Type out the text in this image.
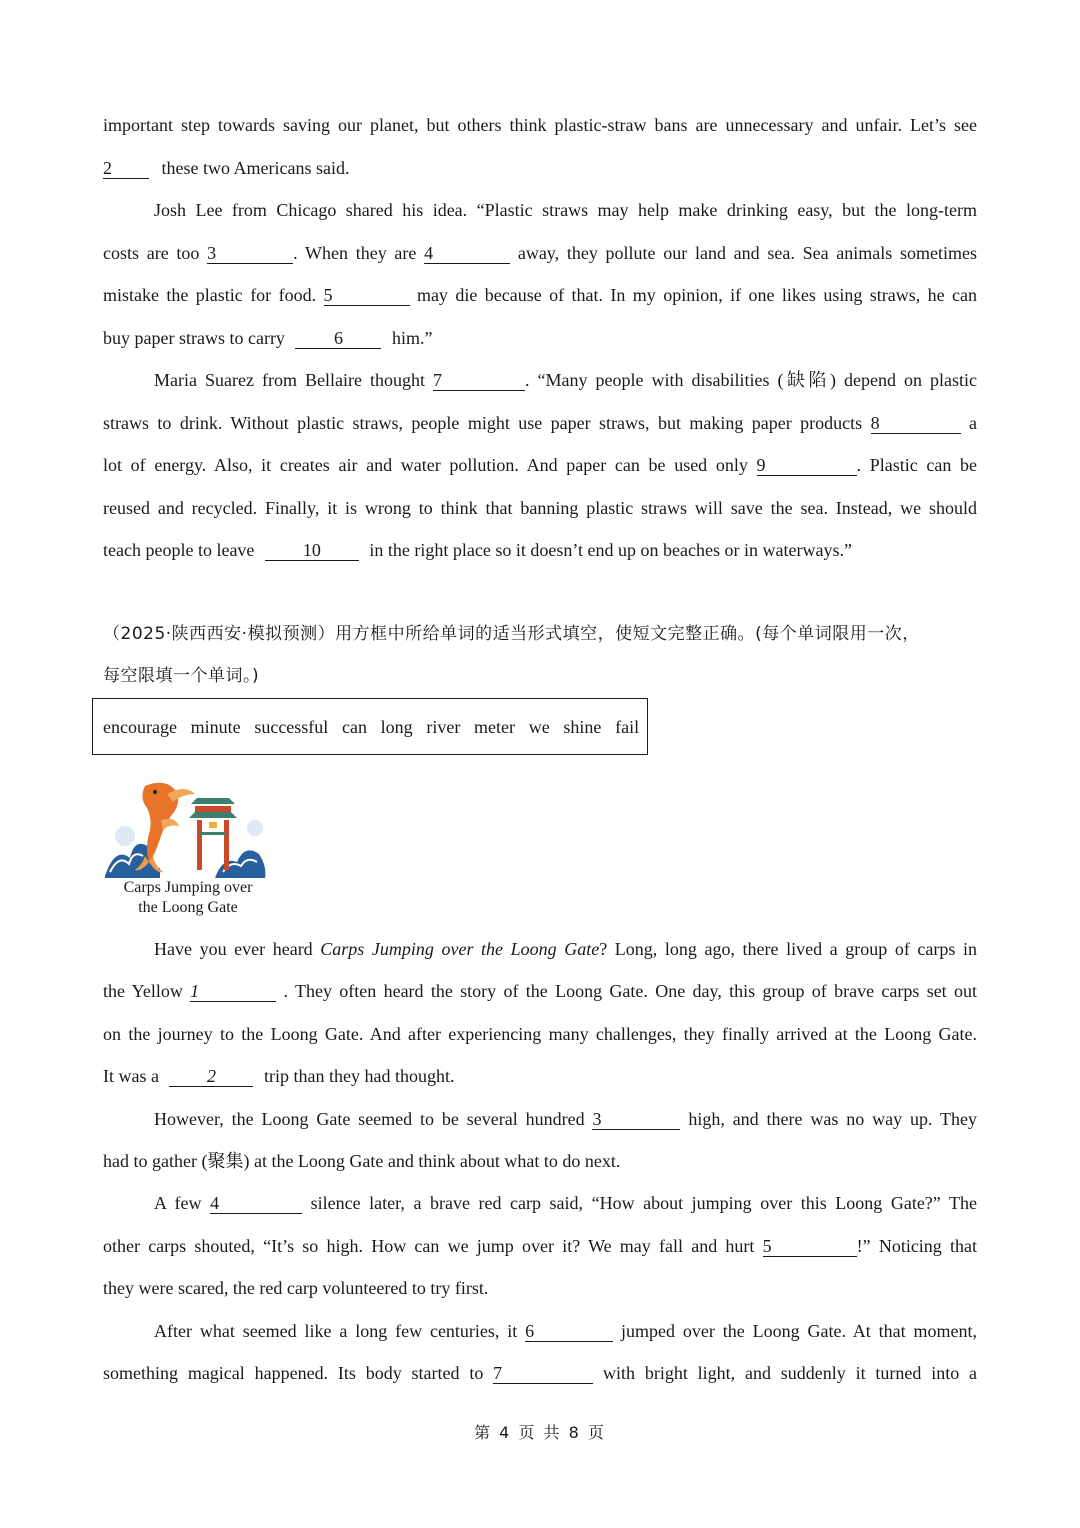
important step towards saving our planet, but others think plastic-straw bans are unnecessary and unfair. Let’s see
2	these two Americans said.
Josh Lee from Chicago shared his idea. “Plastic straws may help make drinking easy, but the long-term
costs are too 3	. When they are 4	away, they pollute our land and sea. Sea animals sometimes
mistake the plastic for food. 5	may die because of that. In my opinion, if one likes using straws, he can
buy paper straws to carry	6	him.”
Maria Suarez from Bellaire thought 7	. “Many people with disabilities (缺陷) depend on plastic
straws to drink. Without plastic straws, people might use paper straws, but making paper products 8	a
lot of energy. Also, it creates air and water pollution. And paper can be used only 9	. Plastic can be
reused and recycled. Finally, it is wrong to think that banning plastic straws will save the sea. Instead, we should
teach people to leave	10	in the right place so it doesn’t end up on beaches or in waterways.”
（2025·陕西西安·模拟预测）用方框中所给单词的适当形式填空，使短文完整正确。(每个单词限用一次，
每空限填一个单词。)
encourage minute successful can long river meter we shine fail
Carps Jumping over
the Loong Gate
Have you ever heard Carps Jumping over the Loong Gate? Long, long ago, there lived a group of carps in
the Yellow 1	. They often heard the story of the Loong Gate. One day, this group of brave carps set out
on the journey to the Loong Gate. And after experiencing many challenges, they finally arrived at the Loong Gate.
It was a	2	trip than they had thought.
However, the Loong Gate seemed to be several hundred 3	high, and there was no way up. They
had to gather (聚集) at the Loong Gate and think about what to do next.
A few 4	silence later, a brave red carp said, “How about jumping over this Loong Gate?” The
other carps shouted, “It’s so high. How can we jump over it? We may fall and hurt 5	!” Noticing that
they were scared, the red carp volunteered to try first.
After what seemed like a long few centuries, it 6	jumped over the Loong Gate. At that moment,
something magical happened. Its body started to 7	with bright light, and suddenly it turned into a
第 4 页 共 8 页
